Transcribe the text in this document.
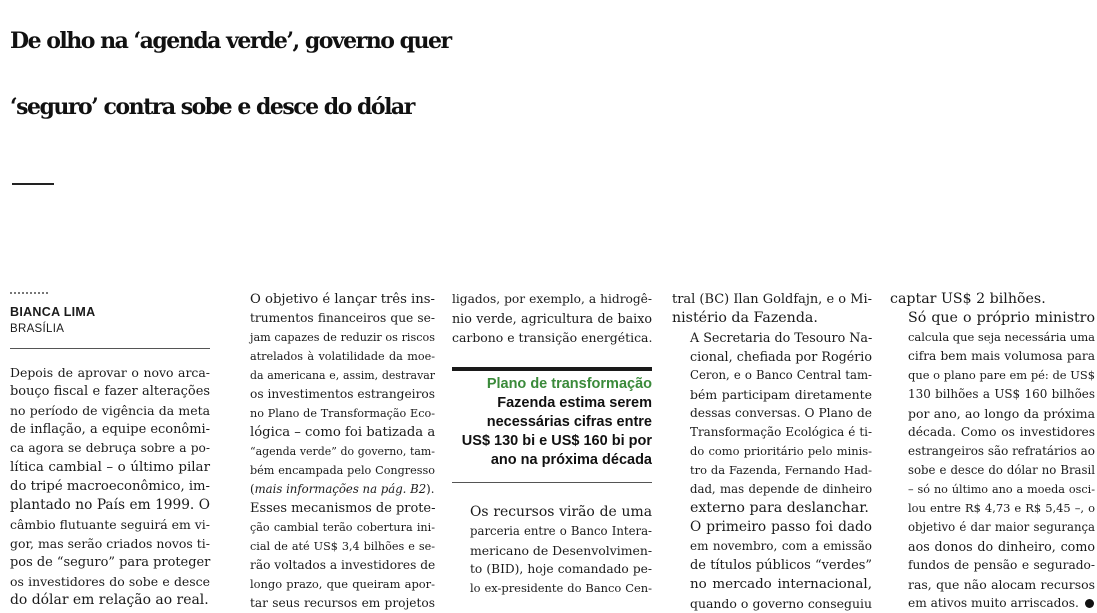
De olho na ‘agenda verde’, governo quer
‘seguro’ contra sobe e desce do dólar
BIANCA LIMA
BRASÍLIA

Depois de aprovar o novo arca-
bouço fiscal e fazer alterações
no período de vigência da meta
de inflação, a equipe econômi-
ca agora se debruça sobre a po-
lítica cambial – o último pilar
do tripé macroeconômico, im-
plantado no País em 1999. O
câmbio flutuante seguirá em vi-
gor, mas serão criados novos ti-
pos de “seguro” para proteger
os investidores do sobe e desce
do dólar em relação ao real.

O objetivo é lançar três ins-
trumentos financeiros que se-
jam capazes de reduzir os riscos
atrelados à volatilidade da moe-
da americana e, assim, destravar
os investimentos estrangeiros
no Plano de Transformação Eco-
lógica – como foi batizada a
“agenda verde” do governo, tam-
bém encampada pelo Congresso
(mais informações na pág. B2).

Esses mecanismos de prote-
ção cambial terão cobertura ini-
cial de até US$ 3,4 bilhões e se-
rão voltados a investidores de
longo prazo, que queiram apor-
tar seus recursos em projetos

ligados, por exemplo, a hidrogê-
nio verde, agricultura de baixo
carbono e transição energética.

Plano de transformação
Fazenda estima serem
necessárias cifras entre
US$ 130 bi e US$ 160 bi por
ano na próxima década

Os recursos virão de uma
parceria entre o Banco Intera-
mericano de Desenvolvimen-
to (BID), hoje comandado pe-
lo ex-presidente do Banco Cen-

tral (BC) Ilan Goldfajn, e o Mi-
nistério da Fazenda.

A Secretaria do Tesouro Na-
cional, chefiada por Rogério
Ceron, e o Banco Central tam-
bém participam diretamente
dessas conversas. O Plano de
Transformação Ecológica é ti-
do como prioritário pelo minis-
tro da Fazenda, Fernando Had-
dad, mas depende de dinheiro
externo para deslanchar.

O primeiro passo foi dado
em novembro, com a emissão
de títulos públicos “verdes”
no mercado internacional,
quando o governo conseguiu

captar US$ 2 bilhões.

Só que o próprio ministro
calcula que seja necessária uma
cifra bem mais volumosa para
que o plano pare em pé: de US$
130 bilhões a US$ 160 bilhões
por ano, ao longo da próxima
década. Como os investidores
estrangeiros são refratários ao
sobe e desce do dólar no Brasil
– só no último ano a moeda osci-
lou entre R$ 4,73 e R$ 5,45 –, o
objetivo é dar maior segurança
aos donos do dinheiro, como
fundos de pensão e segurado-
ras, que não alocam recursos
em ativos muito arriscados.
